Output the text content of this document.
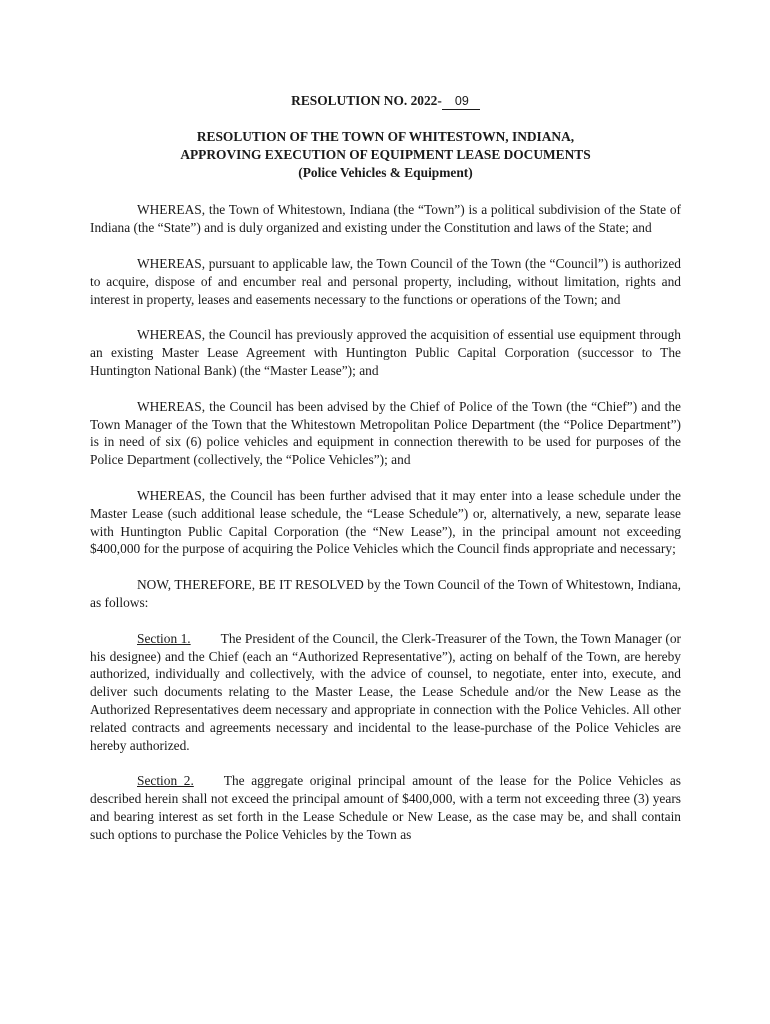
RESOLUTION NO. 2022- 09
RESOLUTION OF THE TOWN OF WHITESTOWN, INDIANA,
APPROVING EXECUTION OF EQUIPMENT LEASE DOCUMENTS
(Police Vehicles & Equipment)

WHEREAS, the Town of Whitestown, Indiana (the “Town”) is a political subdivision of the State of Indiana (the “State”) and is duly organized and existing under the Constitution and laws of the State; and

WHEREAS, pursuant to applicable law, the Town Council of the Town (the “Council”) is authorized to acquire, dispose of and encumber real and personal property, including, without limitation, rights and interest in property, leases and easements necessary to the functions or operations of the Town; and

WHEREAS, the Council has previously approved the acquisition of essential use equipment through an existing Master Lease Agreement with Huntington Public Capital Corporation (successor to The Huntington National Bank) (the “Master Lease”); and

WHEREAS, the Council has been advised by the Chief of Police of the Town (the “Chief”) and the Town Manager of the Town that the Whitestown Metropolitan Police Department (the “Police Department”) is in need of six (6) police vehicles and equipment in connection therewith to be used for purposes of the Police Department (collectively, the “Police Vehicles”); and

WHEREAS, the Council has been further advised that it may enter into a lease schedule under the Master Lease (such additional lease schedule, the “Lease Schedule”) or, alternatively, a new, separate lease with Huntington Public Capital Corporation (the “New Lease”), in the principal amount not exceeding $400,000 for the purpose of acquiring the Police Vehicles which the Council finds appropriate and necessary;

NOW, THEREFORE, BE IT RESOLVED by the Town Council of the Town of Whitestown, Indiana, as follows:

Section 1. The President of the Council, the Clerk-Treasurer of the Town, the Town Manager (or his designee) and the Chief (each an “Authorized Representative”), acting on behalf of the Town, are hereby authorized, individually and collectively, with the advice of counsel, to negotiate, enter into, execute, and deliver such documents relating to the Master Lease, the Lease Schedule and/or the New Lease as the Authorized Representatives deem necessary and appropriate in connection with the Police Vehicles. All other related contracts and agreements necessary and incidental to the lease-purchase of the Police Vehicles are hereby authorized.

Section 2. The aggregate original principal amount of the lease for the Police Vehicles as described herein shall not exceed the principal amount of $400,000, with a term not exceeding three (3) years and bearing interest as set forth in the Lease Schedule or New Lease, as the case may be, and shall contain such options to purchase the Police Vehicles by the Town as
